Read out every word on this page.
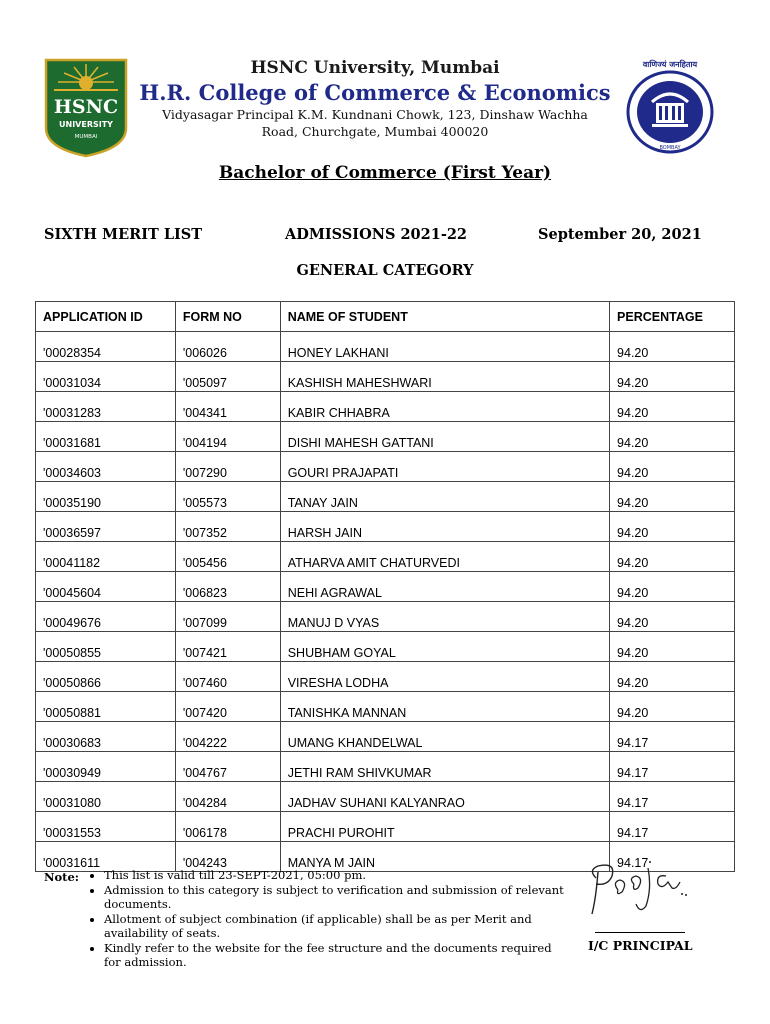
HSNC
UNIVERSITY
MUMBAI
वाणिज्यं जनहिताय
BOMBAY
HSNC University, Mumbai
H.R. College of Commerce & Economics
Vidyasagar Principal K.M. Kundnani Chowk, 123, Dinshaw Wachha
Road, Churchgate, Mumbai 400020
Bachelor of Commerce (First Year)
SIXTH MERIT LIST	ADMISSIONS 2021-22	September 20, 2021
GENERAL CATEGORY
APPLICATION ID	FORM NO	NAME OF STUDENT	PERCENTAGE
'00028354	'006026	HONEY LAKHANI	94.20
'00031034	'005097	KASHISH MAHESHWARI	94.20
'00031283	'004341	KABIR CHHABRA	94.20
'00031681	'004194	DISHI MAHESH GATTANI	94.20
'00034603	'007290	GOURI PRAJAPATI	94.20
'00035190	'005573	TANAY JAIN	94.20
'00036597	'007352	HARSH JAIN	94.20
'00041182	'005456	ATHARVA AMIT CHATURVEDI	94.20
'00045604	'006823	NEHI AGRAWAL	94.20
'00049676	'007099	MANUJ D VYAS	94.20
'00050855	'007421	SHUBHAM GOYAL	94.20
'00050866	'007460	VIRESHA LODHA	94.20
'00050881	'007420	TANISHKA MANNAN	94.20
'00030683	'004222	UMANG KHANDELWAL	94.17
'00030949	'004767	JETHI RAM SHIVKUMAR	94.17
'00031080	'004284	JADHAV SUHANI KALYANRAO	94.17
'00031553	'006178	PRACHI PUROHIT	94.17
'00031611	'004243	MANYA M JAIN	94.17
Note: • This list is valid till 23-SEPT-2021, 05:00 pm.
• Admission to this category is subject to verification and submission of relevant documents.
• Allotment of subject combination (if applicable) shall be as per Merit and availability of seats.
• Kindly refer to the website for the fee structure and the documents required for admission.
I/C PRINCIPAL
